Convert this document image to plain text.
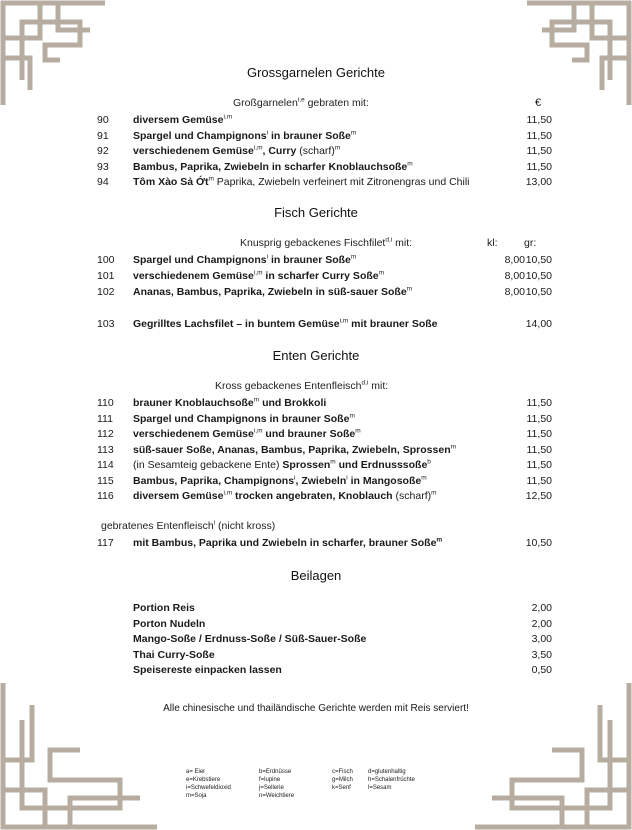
Grossgarnelen Gerichte
Großgarnelen$^{i,e}$ gebraten mit:	€
90 diversem Gemüse$^{i,m}$	11,50
91 Spargel und Champignons$^i$ in brauner Soße$^m$	11,50
92 verschiedenem Gemüse$^{i,m}$, Curry (scharf)$^m$	11,50
93 Bambus, Paprika, Zwiebeln in scharfer Knoblauchsoße$^m$	11,50
94 Tôm Xào Sả Ớt$^m$ Paprika, Zwiebeln verfeinert mit Zitronengras und Chili	13,00
Fisch Gerichte
Knusprig gebackenes Fischfilet$^{d,i}$ mit:	kl:	gr:
100 Spargel und Champignons$^i$ in brauner Soße$^m$	8,00 10,50
101 verschiedenem Gemüse$^{i,m}$ in scharfer Curry Soße$^m$	8,00 10,50
102 Ananas, Bambus, Paprika, Zwiebeln in süß-sauer Soße$^m$	8,00 10,50
103 Gegrilltes Lachsfilet – in buntem Gemüse$^{i,m}$ mit brauner Soße	14,00
Enten Gerichte
Kross gebackenes Entenfleisch$^{d,i}$ mit:
110 brauner Knoblauchsoße$^m$ und Brokkoli	11,50
111 Spargel und Champignons in brauner Soße$^m$	11,50
112 verschiedenem Gemüse$^{i,m}$ und brauner Soße$^m$	11,50
113 süß-sauer Soße, Ananas, Bambus, Paprika, Zwiebeln, Sprossen$^m$	11,50
114 (in Sesamteig gebackene Ente) Sprossen$^m$ und Erdnusssoße$^b$	11,50
115 Bambus, Paprika, Champignons$^i$, Zwiebeln$^i$ in Mangosoße$^m$	11,50
116 diversem Gemüse$^{i,m}$ trocken angebraten, Knoblauch (scharf)$^m$	12,50
gebratenes Entenfleisch$^i$ (nicht kross)
117 mit Bambus, Paprika und Zwiebeln in scharfer, brauner Soße$^m$	10,50
Beilagen
Portion Reis	2,00
Porton Nudeln	2,00
Mango-Soße / Erdnuss-Soße / Süß-Sauer-Soße	3,00
Thai Curry-Soße	3,50
Speisereste einpacken lassen	0,50
Alle chinesische und thailändische Gerichte werden mit Reis serviert!
a= Eier
e=Krebstiere
i=Schwefeldioxid
m=Soja
b=Erdnüsse
f=lupine
j=Sellerie
n=Weichtiere
c=Fisch
g=Milch
k=Senf
d=glutenhaltig
h=Schalenfrüchte
l=Sesam
